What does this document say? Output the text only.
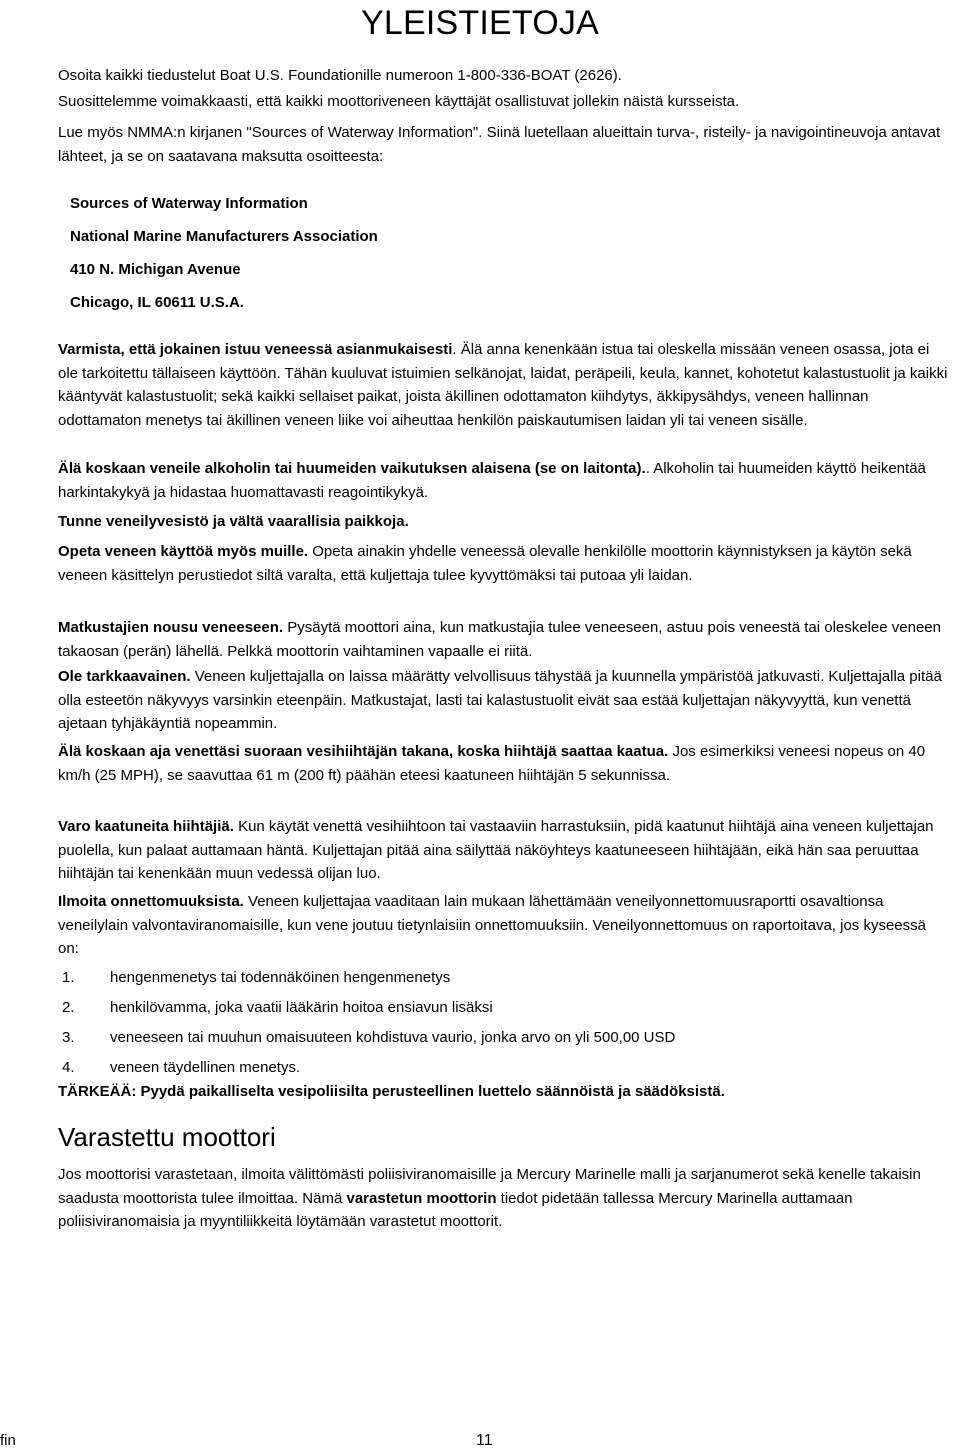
YLEISTIETOJA

Osoita kaikki tiedustelut Boat U.S. Foundationille numeroon 1-800-336-BOAT (2626).

Suosittelemme voimakkaasti, että kaikki moottoriveneen käyttäjät osallistuvat jollekin näistä kursseista.

Lue myös NMMA:n kirjanen "Sources of Waterway Information". Siinä luetellaan alueittain turva-, risteily- ja navigointineuvoja antavat lähteet, ja se on saatavana maksutta osoitteesta:

Sources of Waterway Information
National Marine Manufacturers Association
410 N. Michigan Avenue
Chicago, IL 60611 U.S.A.

Varmista, että jokainen istuu veneessä asianmukaisesti. Älä anna kenenkään istua tai oleskella missään veneen osassa, jota ei ole tarkoitettu tällaiseen käyttöön. Tähän kuuluvat istuimien selkänojat, laidat, peräpeili, keula, kannet, kohotetut kalastustuolit ja kaikki kääntyvät kalastustuolit; sekä kaikki sellaiset paikat, joista äkillinen odottamaton kiihdytys, äkkipysähdys, veneen hallinnan odottamaton menetys tai äkillinen veneen liike voi aiheuttaa henkilön paiskautumisen laidan yli tai veneen sisälle.

Älä koskaan veneile alkoholin tai huumeiden vaikutuksen alaisena (se on laitonta).. Alkoholin tai huumeiden käyttö heikentää harkintakykyä ja hidastaa huomattavasti reagointikykyä.

Tunne veneilyvesistö ja vältä vaarallisia paikkoja.

Opeta veneen käyttöä myös muille. Opeta ainakin yhdelle veneessä olevalle henkilölle moottorin käynnistyksen ja käytön sekä veneen käsittelyn perustiedot siltä varalta, että kuljettaja tulee kyvyttömäksi tai putoaa yli laidan.

Matkustajien nousu veneeseen. Pysäytä moottori aina, kun matkustajia tulee veneeseen, astuu pois veneestä tai oleskelee veneen takaosan (perän) lähellä. Pelkkä moottorin vaihtaminen vapaalle ei riitä.

Ole tarkkaavainen. Veneen kuljettajalla on laissa määrätty velvollisuus tähystää ja kuunnella ympäristöä jatkuvasti. Kuljettajalla pitää olla esteetön näkyvyys varsinkin eteenpäin. Matkustajat, lasti tai kalastustuolit eivät saa estää kuljettajan näkyvyyttä, kun venettä ajetaan tyhjäkäyntiä nopeammin.

Älä koskaan aja venettäsi suoraan vesihiihtäjän takana, koska hiihtäjä saattaa kaatua. Jos esimerkiksi veneesi nopeus on 40 km/h (25 MPH), se saavuttaa 61 m (200 ft) päähän eteesi kaatuneen hiihtäjän 5 sekunnissa.

Varo kaatuneita hiihtäjiä. Kun käytät venettä vesihiihtoon tai vastaaviin harrastuksiin, pidä kaatunut hiihtäjä aina veneen kuljettajan puolella, kun palaat auttamaan häntä. Kuljettajan pitää aina säilyttää näköyhteys kaatuneeseen hiihtäjään, eikä hän saa peruuttaa hiihtäjän tai kenenkään muun vedessä olijan luo.

Ilmoita onnettomuuksista. Veneen kuljettajaa vaaditaan lain mukaan lähettämään veneilyonnettomuusraportti osavaltionsa veneilylain valvontaviranomaisille, kun vene joutuu tietynlaisiin onnettomuuksiin. Veneilyonnettomuus on raportoitava, jos kyseessä on:

1.	hengenmenetys tai todennäköinen hengenmenetys
2.	henkilövamma, joka vaatii lääkärin hoitoa ensiavun lisäksi
3.	veneeseen tai muuhun omaisuuteen kohdistuva vaurio, jonka arvo on yli 500,00 USD
4.	veneen täydellinen menetys.

TÄRKEÄÄ: Pyydä paikalliselta vesipoliisilta perusteellinen luettelo säännöistä ja säädöksistä.

Varastettu moottori

Jos moottorisi varastetaan, ilmoita välittömästi poliisiviranomaisille ja Mercury Marinelle malli ja sarjanumerot sekä kenelle takaisin saadusta moottorista tulee ilmoittaa. Nämä varastetun moottorin tiedot pidetään tallessa Mercury Marinella auttamaan poliisiviranomaisia ja myyntiliikkeitä löytämään varastetut moottorit.

fin	11
